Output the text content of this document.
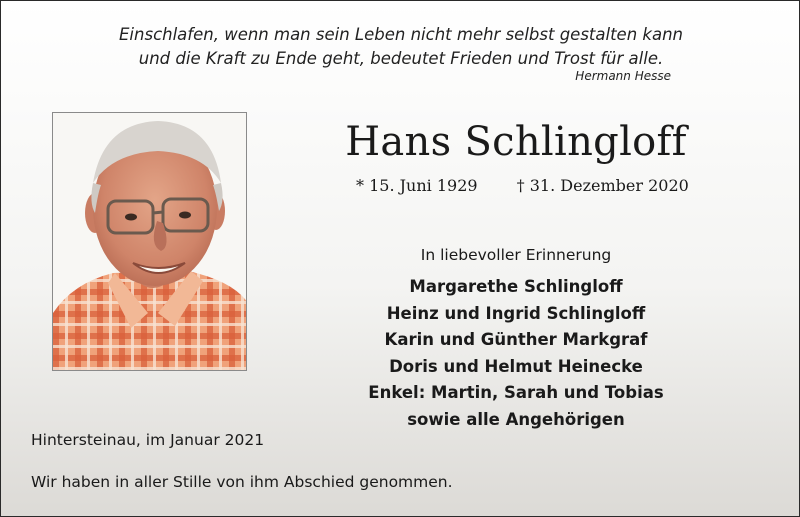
Einschlafen, wenn man sein Leben nicht mehr selbst gestalten kann
und die Kraft zu Ende geht, bedeutet Frieden und Trost für alle.
Hermann Hesse
Hans Schlingloff
* 15. Juni 1929 † 31. Dezember 2020
In liebevoller Erinnerung
Margarethe Schlingloff
Heinz und Ingrid Schlingloff
Karin und Günther Markgraf
Doris und Helmut Heinecke
Enkel: Martin, Sarah und Tobias
sowie alle Angehörigen
Hintersteinau, im Januar 2021
Wir haben in aller Stille von ihm Abschied genommen.
